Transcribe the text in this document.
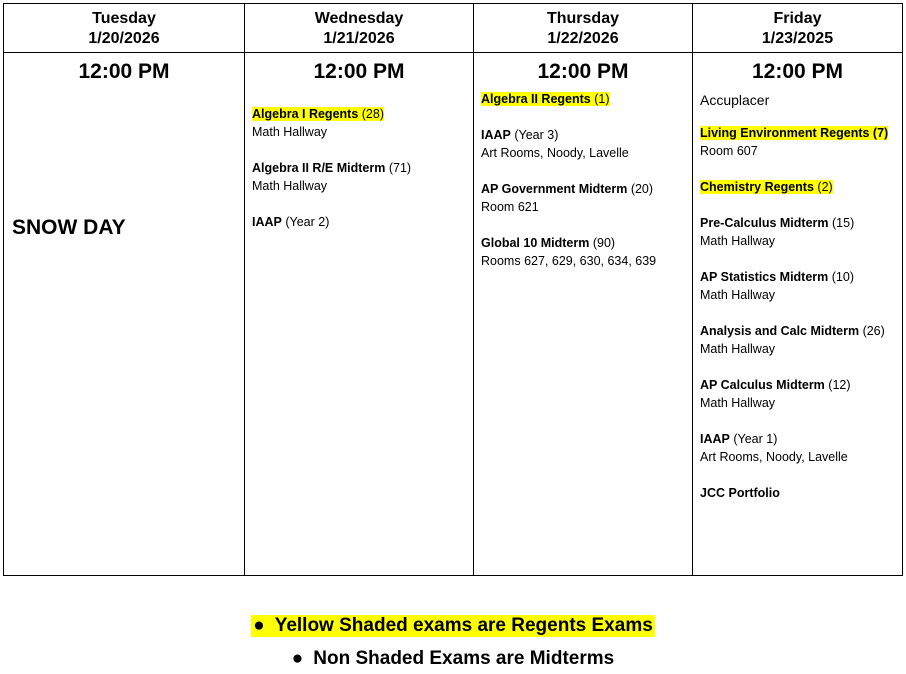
Tuesday
1/20/2026
12:00 PM
SNOW DAY
Wednesday
1/21/2026
12:00 PM
Algebra I Regents (28)
Math Hallway
Algebra II R/E Midterm (71)
Math Hallway
IAAP (Year 2)
Thursday
1/22/2026
12:00 PM
Algebra II Regents (1)
IAAP (Year 3)
Art Rooms, Noody, Lavelle
AP Government Midterm (20)
Room 621
Global 10 Midterm (90)
Rooms 627, 629, 630, 634, 639
Friday
1/23/2025
12:00 PM
Accuplacer
Living Environment Regents (7)
Room 607
Chemistry Regents (2)
Pre-Calculus Midterm (15)
Math Hallway
AP Statistics Midterm (10)
Math Hallway
Analysis and Calc Midterm (26)
Math Hallway
AP Calculus Midterm (12)
Math Hallway
IAAP (Year 1)
Art Rooms, Noody, Lavelle
JCC Portfolio
● Yellow Shaded exams are Regents Exams
● Non Shaded Exams are Midterms
